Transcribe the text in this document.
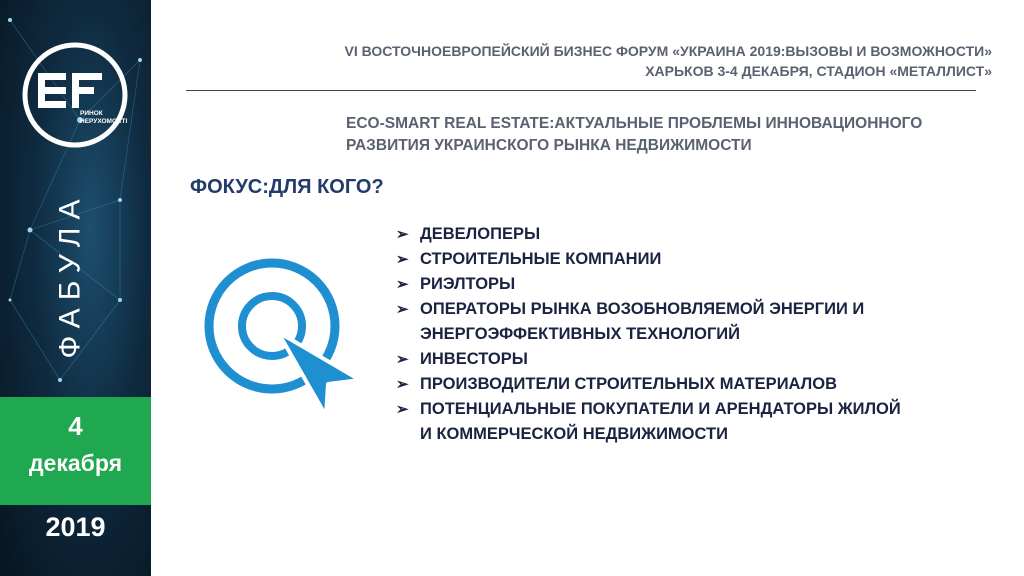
РИНОК
НЕРУХОМОСТІ
ФАБУЛА
4
декабря
2019
VI ВОСТОЧНОЕВРОПЕЙСКИЙ БИЗНЕС ФОРУМ «УКРАИНА 2019:ВЫЗОВЫ И ВОЗМОЖНОСТИ»
ХАРЬКОВ 3-4 ДЕКАБРЯ, СТАДИОН «МЕТАЛЛИСТ»
ECO-SMART REAL ESTATE:АКТУАЛЬНЫЕ ПРОБЛЕМЫ ИННОВАЦИОННОГО
РАЗВИТИЯ УКРАИНСКОГО РЫНКА НЕДВИЖИМОСТИ
ФОКУС:ДЛЯ КОГО?
➢ ДЕВЕЛОПЕРЫ
➢ СТРОИТЕЛЬНЫЕ КОМПАНИИ
➢ РИЭЛТОРЫ
➢ ОПЕРАТОРЫ РЫНКА ВОЗОБНОВЛЯЕМОЙ ЭНЕРГИИ И
ЭНЕРГОЭФФЕКТИВНЫХ ТЕХНОЛОГИЙ
➢ ИНВЕСТОРЫ
➢ ПРОИЗВОДИТЕЛИ СТРОИТЕЛЬНЫХ МАТЕРИАЛОВ
➢ ПОТЕНЦИАЛЬНЫЕ ПОКУПАТЕЛИ И АРЕНДАТОРЫ ЖИЛОЙ
И КОММЕРЧЕСКОЙ НЕДВИЖИМОСТИ
